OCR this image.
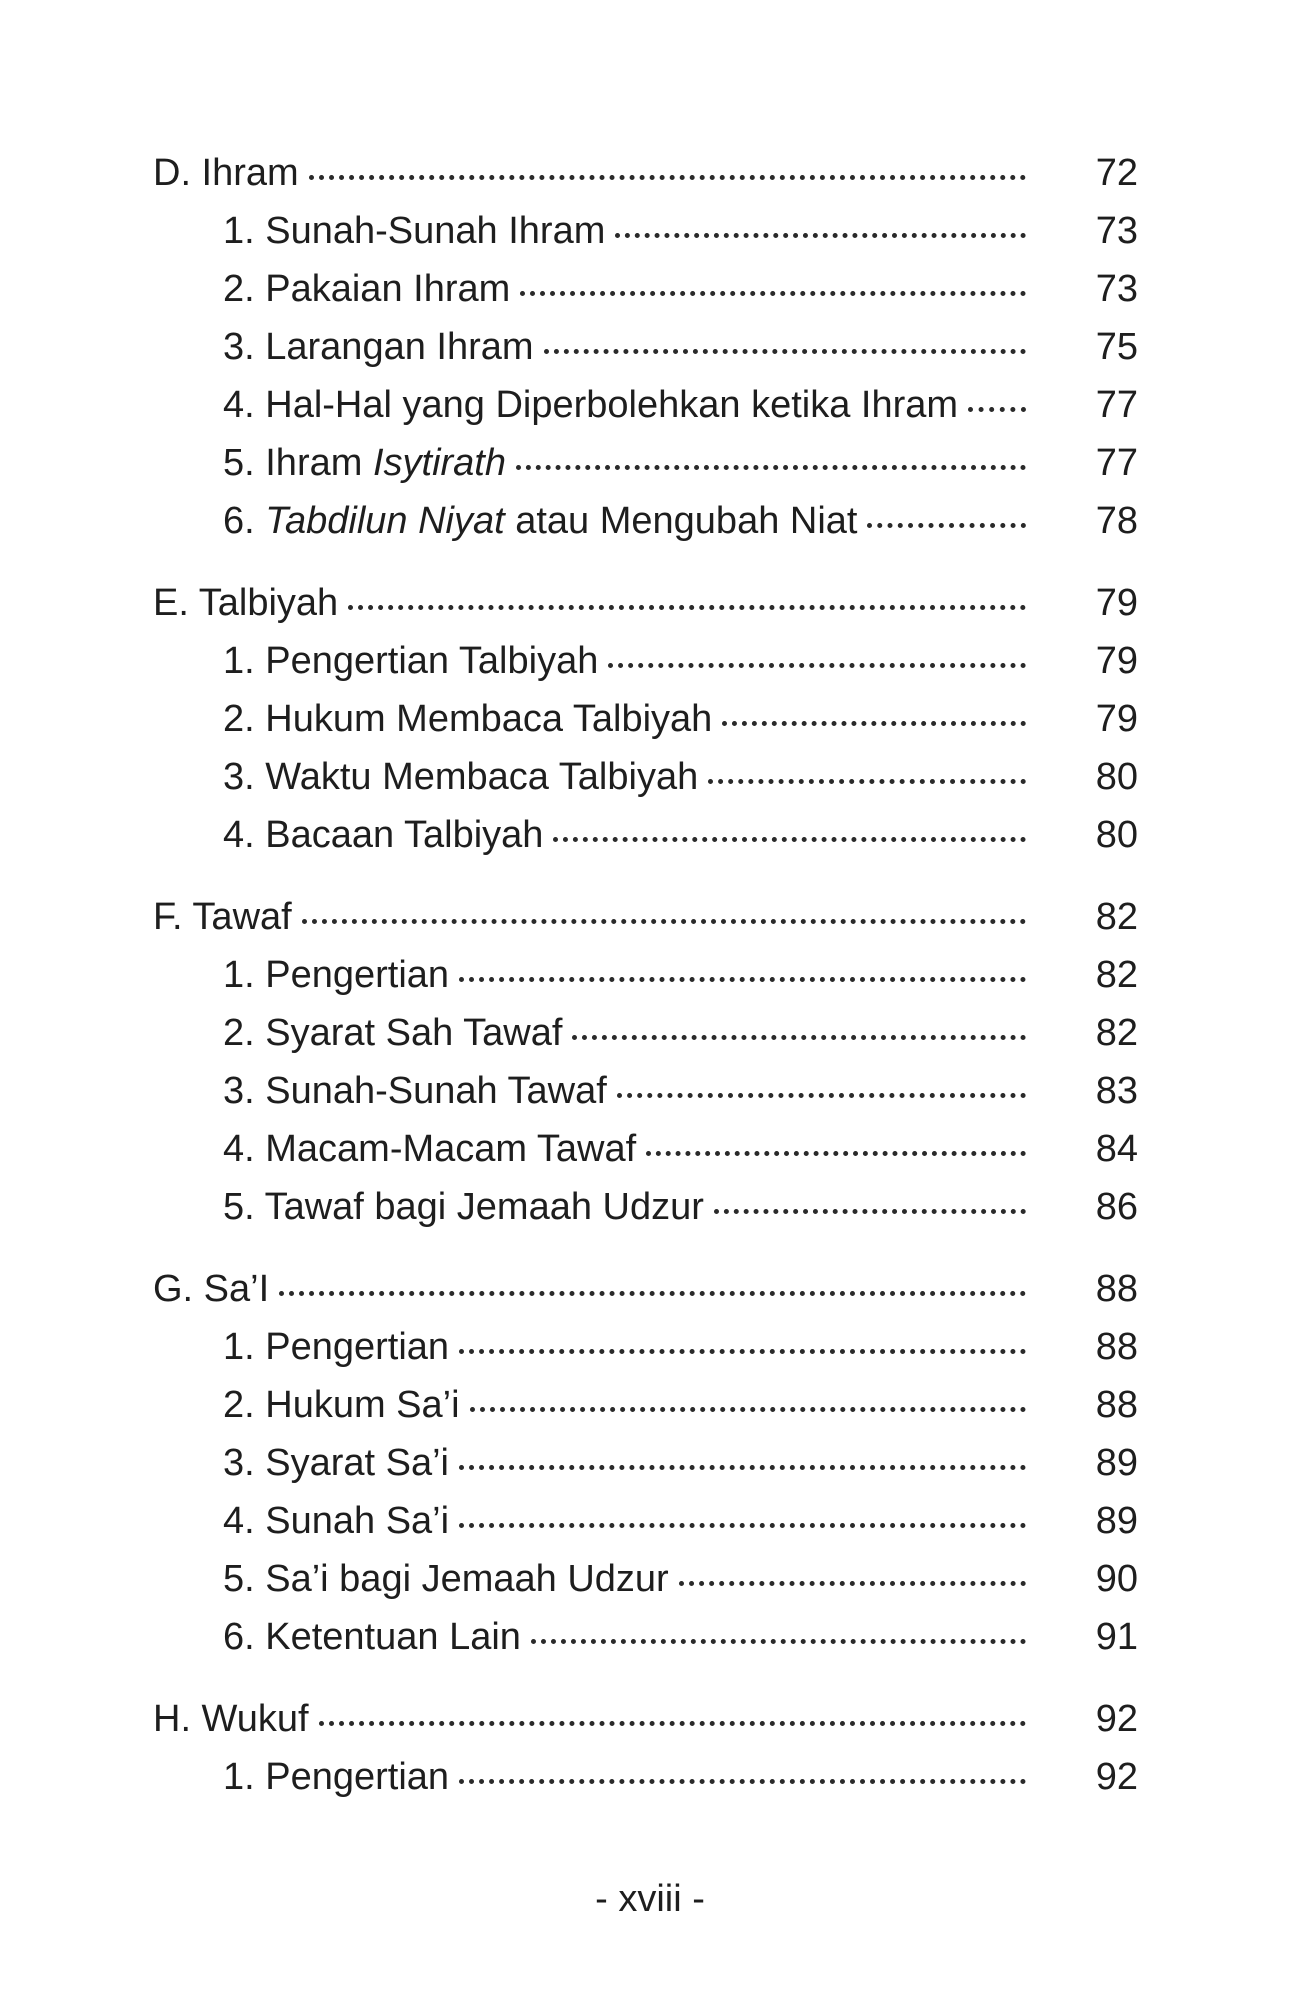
D. Ihram	72
1. Sunah-Sunah Ihram	73
2. Pakaian Ihram	73
3. Larangan Ihram	75
4. Hal-Hal yang Diperbolehkan ketika Ihram	77
5. Ihram Isytirath	77
6. Tabdilun Niyat atau Mengubah Niat	78
E. Talbiyah	79
1. Pengertian Talbiyah	79
2. Hukum Membaca Talbiyah	79
3. Waktu Membaca Talbiyah	80
4. Bacaan Talbiyah	80
F. Tawaf	82
1. Pengertian	82
2. Syarat Sah Tawaf	82
3. Sunah-Sunah Tawaf	83
4. Macam-Macam Tawaf	84
5. Tawaf bagi Jemaah Udzur	86
G. Sa’I	88
1. Pengertian	88
2. Hukum Sa’i	88
3. Syarat Sa’i	89
4. Sunah Sa’i	89
5. Sa’i bagi Jemaah Udzur	90
6. Ketentuan Lain	91
H. Wukuf	92
1. Pengertian	92
- xviii -
